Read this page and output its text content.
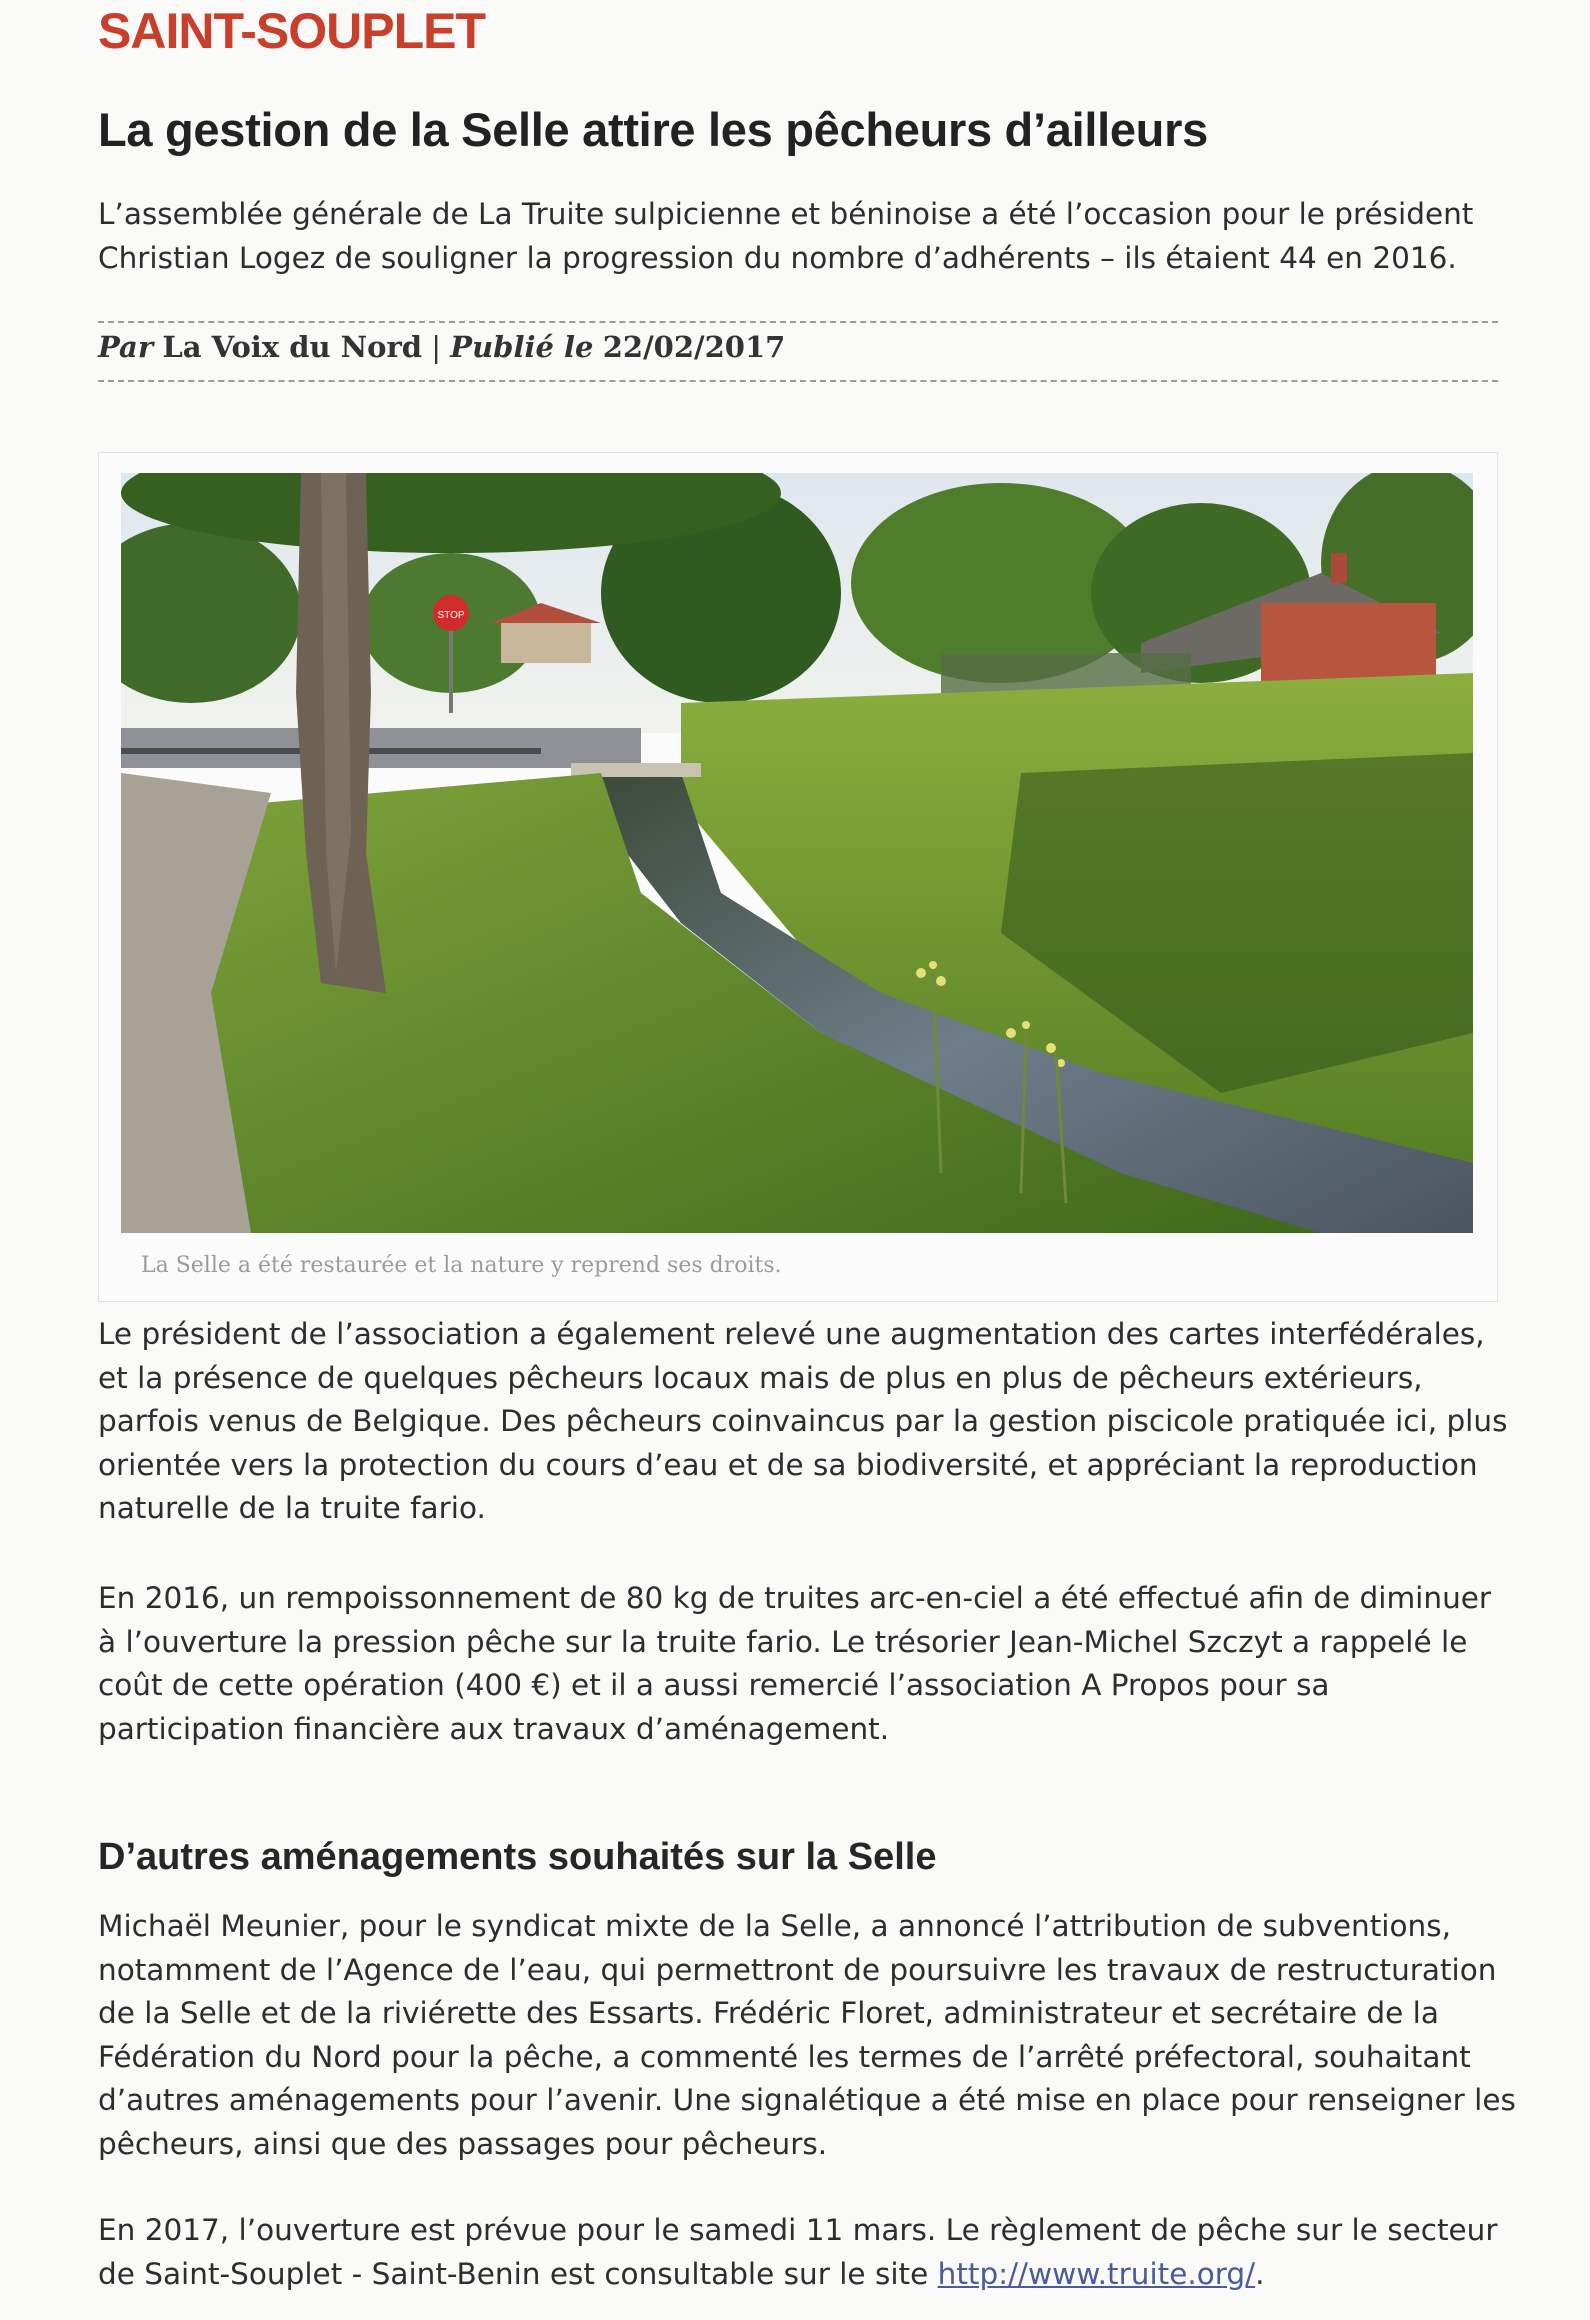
SAINT-SOUPLET
La gestion de la Selle attire les pêcheurs d’ailleurs

L’assemblée générale de La Truite sulpicienne et béninoise a été l’occasion pour le président Christian Logez de souligner la progression du nombre d’adhérents – ils étaient 44 en 2016.

Par La Voix du Nord | Publié le 22/02/2017
STOP
La Selle a été restaurée et la nature y reprend ses droits.

Le président de l’association a également relevé une augmentation des cartes interfédérales, et la présence de quelques pêcheurs locaux mais de plus en plus de pêcheurs extérieurs, parfois venus de Belgique. Des pêcheurs coinvaincus par la gestion piscicole pratiquée ici, plus orientée vers la protection du cours d’eau et de sa biodiversité, et appréciant la reproduction naturelle de la truite fario.

En 2016, un rempoissonnement de 80 kg de truites arc-en-ciel a été effectué afin de diminuer à l’ouverture la pression pêche sur la truite fario. Le trésorier Jean-Michel Szczyt a rappelé le coût de cette opération (400 €) et il a aussi remercié l’association A Propos pour sa participation financière aux travaux d’aménagement.

D’autres aménagements souhaités sur la Selle

Michaël Meunier, pour le syndicat mixte de la Selle, a annoncé l’attribution de subventions, notamment de l’Agence de l’eau, qui permettront de poursuivre les travaux de restructuration de la Selle et de la riviérette des Essarts. Frédéric Floret, administrateur et secrétaire de la Fédération du Nord pour la pêche, a commenté les termes de l’arrêté préfectoral, souhaitant d’autres aménagements pour l’avenir. Une signalétique a été mise en place pour renseigner les pêcheurs, ainsi que des passages pour pêcheurs.

En 2017, l’ouverture est prévue pour le samedi 11 mars. Le règlement de pêche sur le secteur de Saint-Souplet - Saint-Benin est consultable sur le site http://www.truite.org/.
